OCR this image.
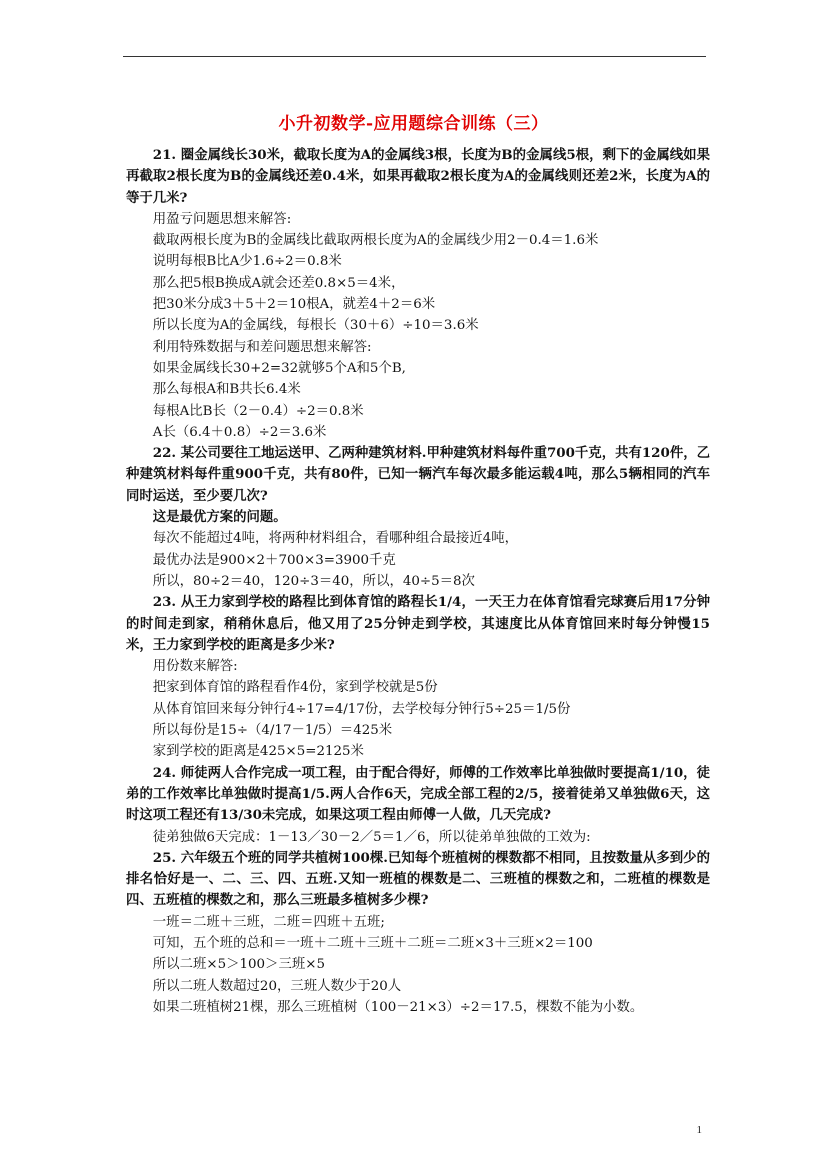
小升初数学-应用题综合训练（三）

21. 圈金属线长30米，截取长度为A的金属线3根，长度为B的金属线5根，剩下的金属线如果再截取2根长度为B的金属线还差0.4米，如果再截取2根长度为A的金属线则还差2米，长度为A的等于几米?

用盈亏问题思想来解答:

截取两根长度为B的金属线比截取两根长度为A的金属线少用2－0.4＝1.6米

说明每根B比A少1.6÷2＝0.8米

那么把5根B换成A就会还差0.8×5＝4米，

把30米分成3＋5＋2＝10根A，就差4＋2＝6米

所以长度为A的金属线，每根长（30＋6）÷10＝3.6米

利用特殊数据与和差问题思想来解答:

如果金属线长30+2=32就够5个A和5个B,

那么每根A和B共长6.4米

每根A比B长（2－0.4）÷2＝0.8米

A长（6.4＋0.8）÷2＝3.6米

22. 某公司要往工地运送甲、乙两种建筑材料.甲种建筑材料每件重700千克，共有120件，乙种建筑材料每件重900千克，共有80件，已知一辆汽车每次最多能运载4吨，那么5辆相同的汽车同时运送，至少要几次?

这是最优方案的问题。

每次不能超过4吨，将两种材料组合，看哪种组合最接近4吨，

最优办法是900×2＋700×3=3900千克

所以，80÷2＝40，120÷3＝40，所以，40÷5＝8次

23. 从王力家到学校的路程比到体育馆的路程长1/4，一天王力在体育馆看完球赛后用17分钟的时间走到家，稍稍休息后，他又用了25分钟走到学校，其速度比从体育馆回来时每分钟慢15米，王力家到学校的距离是多少米?

用份数来解答:

把家到体育馆的路程看作4份，家到学校就是5份

从体育馆回来每分钟行4÷17=4/17份，去学校每分钟行5÷25＝1/5份

所以每份是15÷（4/17－1/5）＝425米

家到学校的距离是425×5=2125米

24. 师徒两人合作完成一项工程，由于配合得好，师傅的工作效率比单独做时要提高1/10，徒弟的工作效率比单独做时提高1/5.两人合作6天，完成全部工程的2/5，接着徒弟又单独做6天，这时这项工程还有13/30未完成，如果这项工程由师傅一人做，几天完成?

徒弟独做6天完成：1－13／30－2／5＝1／6，所以徒弟单独做的工效为:

25. 六年级五个班的同学共植树100棵.已知每个班植树的棵数都不相同，且按数量从多到少的排名恰好是一、二、三、四、五班.又知一班植的棵数是二、三班植的棵数之和，二班植的棵数是四、五班植的棵数之和，那么三班最多植树多少棵?

一班＝二班＋三班，二班＝四班＋五班;

可知，五个班的总和＝一班＋二班＋三班＋二班＝二班×3＋三班×2＝100

所以二班×5＞100＞三班×5

所以二班人数超过20，三班人数少于20人

如果二班植树21棵，那么三班植树（100－21×3）÷2＝17.5，棵数不能为小数。

1
